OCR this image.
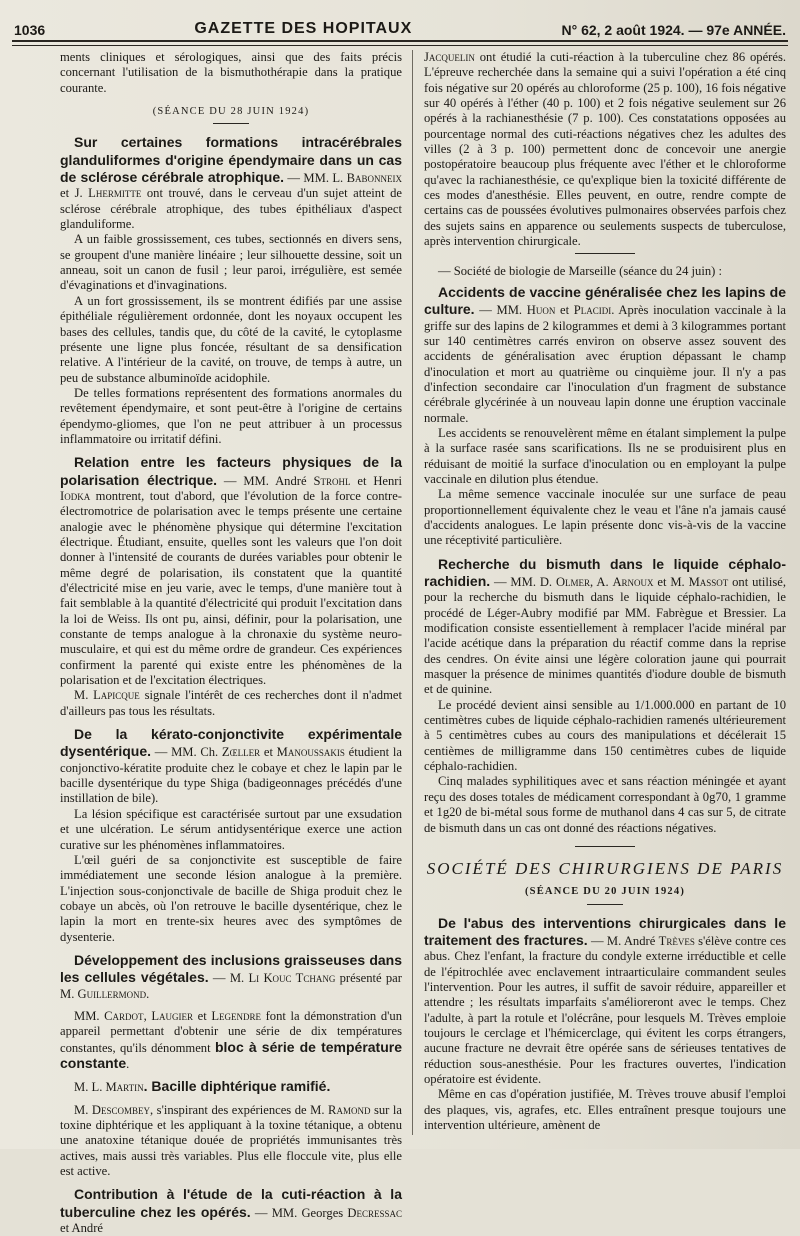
1036	GAZETTE DES HOPITAUX	N° 62, 2 août 1924. — 97e ANNÉE.

ments cliniques et sérologiques, ainsi que des faits précis concernant l'utilisation de la bismuthothérapie dans la pratique courante.

(SÉANCE DU 28 JUIN 1924)

Sur certaines formations intracérébrales glanduliformes d'origine épendymaire dans un cas de sclérose cérébrale atrophique. — MM. L. Babonneix et J. Lhermitte ont trouvé, dans le cerveau d'un sujet atteint de sclérose cérébrale atrophique, des tubes épithéliaux d'aspect glanduliforme.

A un faible grossissement, ces tubes, sectionnés en divers sens, se groupent d'une manière linéaire ; leur silhouette dessine, soit un anneau, soit un canon de fusil ; leur paroi, irrégulière, est semée d'évaginations et d'invaginations.

A un fort grossissement, ils se montrent édifiés par une assise épithéliale régulièrement ordonnée, dont les noyaux occupent les bases des cellules, tandis que, du côté de la cavité, le cytoplasme présente une ligne plus foncée, résultant de sa densification relative. A l'intérieur de la cavité, on trouve, de temps à autre, un peu de substance albuminoïde acidophile.

De telles formations représentent des formations anormales du revêtement épendymaire, et sont peut-être à l'origine de certains épendymo-gliomes, que l'on ne peut attribuer à un processus inflammatoire ou irritatif défini.

Relation entre les facteurs physiques de la polarisation électrique. — MM. André Strohl et Henri Iodka montrent, tout d'abord, que l'évolution de la force contre-électromotrice de polarisation avec le temps présente une certaine analogie avec le phénomène physique qui détermine l'excitation électrique. Étudiant, ensuite, quelles sont les valeurs que l'on doit donner à l'intensité de courants de durées variables pour obtenir le même degré de polarisation, ils constatent que la quantité d'électricité mise en jeu varie, avec le temps, d'une manière tout à fait semblable à la quantité d'électricité qui produit l'excitation dans la loi de Weiss. Ils ont pu, ainsi, définir, pour la polarisation, une constante de temps analogue à la chronaxie du système neuro-musculaire, et qui est du même ordre de grandeur. Ces expériences confirment la parenté qui existe entre les phénomènes de la polarisation et de l'excitation électriques.

M. Lapicque signale l'intérêt de ces recherches dont il n'admet d'ailleurs pas tous les résultats.

De la kérato-conjonctivite expérimentale dysentérique. — MM. Ch. Zœller et Manoussakis étudient la conjonctivo-kératite produite chez le cobaye et chez le lapin par le bacille dysentérique du type Shiga (badigeonnages précédés d'une instillation de bile).

La lésion spécifique est caractérisée surtout par une exsudation et une ulcération. Le sérum antidysentérique exerce une action curative sur les phénomènes inflammatoires.

L'œil guéri de sa conjonctivite est susceptible de faire immédiatement une seconde lésion analogue à la première. L'injection sous-conjonctivale de bacille de Shiga produit chez le cobaye un abcès, où l'on retrouve le bacille dysentérique, chez le lapin la mort en trente-six heures avec des symptômes de dysenterie.

Développement des inclusions graisseuses dans les cellules végétales. — M. Li Kouc Tchang présenté par M. Guillermond.

MM. Cardot, Laugier et Legendre font la démonstration d'un appareil permettant d'obtenir une série de dix températures constantes, qu'ils dénomment bloc à série de température constante.

M. L. Martin. Bacille diphtérique ramifié.

M. Descombey, s'inspirant des expériences de M. Ramond sur la toxine diphtérique et les appliquant à la toxine tétanique, a obtenu une anatoxine tétanique douée de propriétés immunisantes très actives, mais aussi très variables. Plus elle floccule vite, plus elle est active.

Contribution à l'étude de la cuti-réaction à la tuberculine chez les opérés. — MM. Georges Decressac et André

Jacquelin ont étudié la cuti-réaction à la tuberculine chez 86 opérés. L'épreuve recherchée dans la semaine qui a suivi l'opération a été cinq fois négative sur 20 opérés au chloroforme (25 p. 100), 16 fois négative sur 40 opérés à l'éther (40 p. 100) et 2 fois négative seulement sur 26 opérés à la rachianesthésie (7 p. 100). Ces constatations opposées au pourcentage normal des cuti-réactions négatives chez les adultes des villes (2 à 3 p. 100) permettent donc de concevoir une anergie postopératoire beaucoup plus fréquente avec l'éther et le chloroforme qu'avec la rachianesthésie, ce qu'explique bien la toxicité différente de ces modes d'anesthésie. Elles peuvent, en outre, rendre compte de certains cas de poussées évolutives pulmonaires observées parfois chez des sujets sains en apparence ou seulements suspects de tuberculose, après intervention chirurgicale.

— Société de biologie de Marseille (séance du 24 juin) :

Accidents de vaccine généralisée chez les lapins de culture. — MM. Huon et Placidi. Après inoculation vaccinale à la griffe sur des lapins de 2 kilogrammes et demi à 3 kilogrammes portant sur 140 centimètres carrés environ on observe assez souvent des accidents de généralisation avec éruption dépassant le champ d'inoculation et mort au quatrième ou cinquième jour. Il n'y a pas d'infection secondaire car l'inoculation d'un fragment de substance cérébrale glycérinée à un nouveau lapin donne une éruption vaccinale normale.

Les accidents se renouvelèrent même en étalant simplement la pulpe à la surface rasée sans scarifications. Ils ne se produisirent plus en réduisant de moitié la surface d'inoculation ou en employant la pulpe vaccinale en dilution plus étendue.

La même semence vaccinale inoculée sur une surface de peau proportionnellement équivalente chez le veau et l'âne n'a jamais causé d'accidents analogues. Le lapin présente donc vis-à-vis de la vaccine une réceptivité particulière.

Recherche du bismuth dans le liquide céphalo-rachidien. — MM. D. Olmer, A. Arnoux et M. Massot ont utilisé, pour la recherche du bismuth dans le liquide céphalo-rachidien, le procédé de Léger-Aubry modifié par MM. Fabrègue et Bressier. La modification consiste essentiellement à remplacer l'acide minéral par l'acide acétique dans la préparation du réactif comme dans la reprise des cendres. On évite ainsi une légère coloration jaune qui pourrait masquer la présence de minimes quantités d'iodure double de bismuth et de quinine.

Le procédé devient ainsi sensible au 1/1.000.000 en partant de 10 centimètres cubes de liquide céphalo-rachidien ramenés ultérieurement à 5 centimètres cubes au cours des manipulations et décélerait 15 centièmes de milligramme dans 150 centimètres cubes de liquide céphalo-rachidien.

Cinq malades syphilitiques avec et sans réaction méningée et ayant reçu des doses totales de médicament correspondant à 0g70, 1 gramme et 1g20 de bi-métal sous forme de muthanol dans 4 cas sur 5, de citrate de bismuth dans un cas ont donné des réactions négatives.

SOCIÉTÉ DES CHIRURGIENS DE PARIS
(SÉANCE DU 20 JUIN 1924)

De l'abus des interventions chirurgicales dans le traitement des fractures. — M. André Trèves s'élève contre ces abus. Chez l'enfant, la fracture du condyle externe irréductible et celle de l'épitrochlée avec enclavement intraarticulaire commandent seules l'intervention. Pour les autres, il suffit de savoir réduire, appareiller et attendre ; les résultats imparfaits s'amélioreront avec le temps. Chez l'adulte, à part la rotule et l'olécrâne, pour lesquels M. Trèves emploie toujours le cerclage et l'hémicerclage, qui évitent les corps étrangers, aucune fracture ne devrait être opérée sans de sérieuses tentatives de réduction sous-anesthésie. Pour les fractures ouvertes, l'indication opératoire est évidente.

Même en cas d'opération justifiée, M. Trèves trouve abusif l'emploi des plaques, vis, agrafes, etc. Elles entraînent presque toujours une intervention ultérieure, amènent de
